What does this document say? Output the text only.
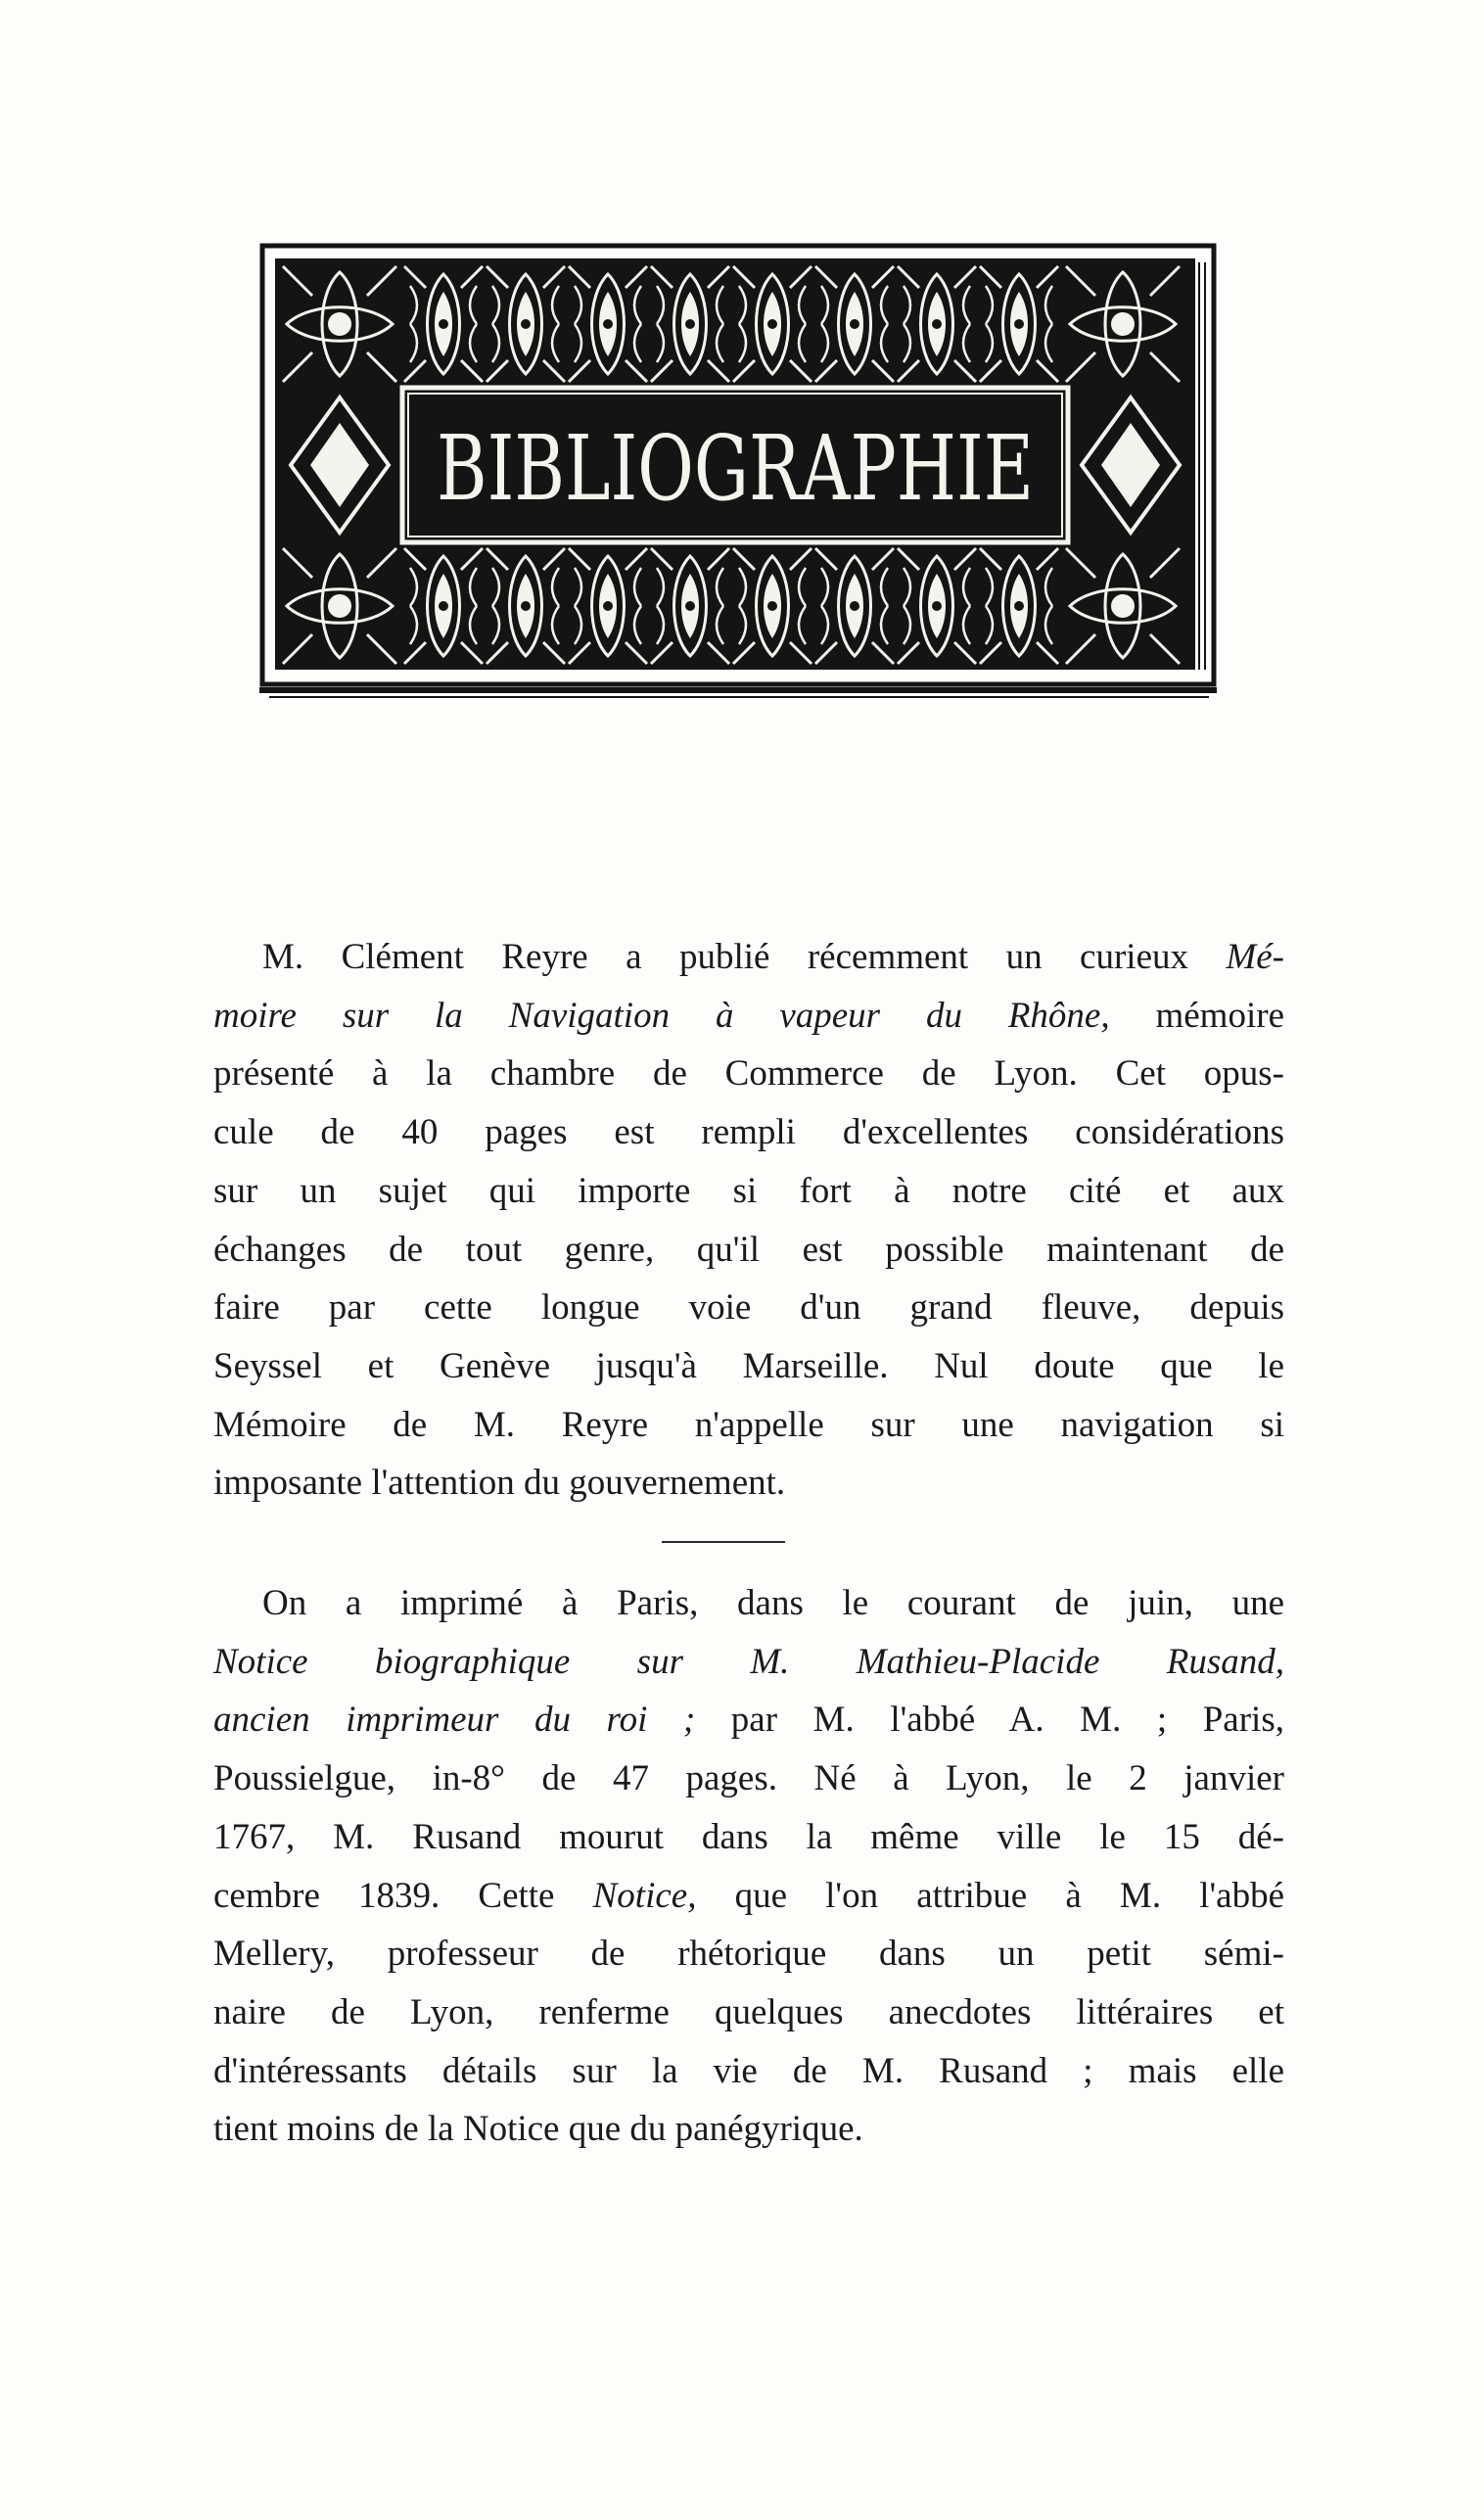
BIBLIOGRAPHIE
M. Clément Reyre a publié récemment un curieux Mé-
moire sur la Navigation à vapeur du Rhône, mémoire
présenté à la chambre de Commerce de Lyon. Cet opus-
cule de 40 pages est rempli d'excellentes considérations
sur un sujet qui importe si fort à notre cité et aux
échanges de tout genre, qu'il est possible maintenant de
faire par cette longue voie d'un grand fleuve, depuis
Seyssel et Genève jusqu'à Marseille. Nul doute que le
Mémoire de M. Reyre n'appelle sur une navigation si
imposante l'attention du gouvernement.
On a imprimé à Paris, dans le courant de juin, une
Notice biographique sur M. Mathieu-Placide Rusand,
ancien imprimeur du roi ; par M. l'abbé A. M. ; Paris,
Poussielgue, in-8° de 47 pages. Né à Lyon, le 2 janvier
1767, M. Rusand mourut dans la même ville le 15 dé-
cembre 1839. Cette Notice, que l'on attribue à M. l'abbé
Mellery, professeur de rhétorique dans un petit sémi-
naire de Lyon, renferme quelques anecdotes littéraires et
d'intéressants détails sur la vie de M. Rusand ; mais elle
tient moins de la Notice que du panégyrique.
